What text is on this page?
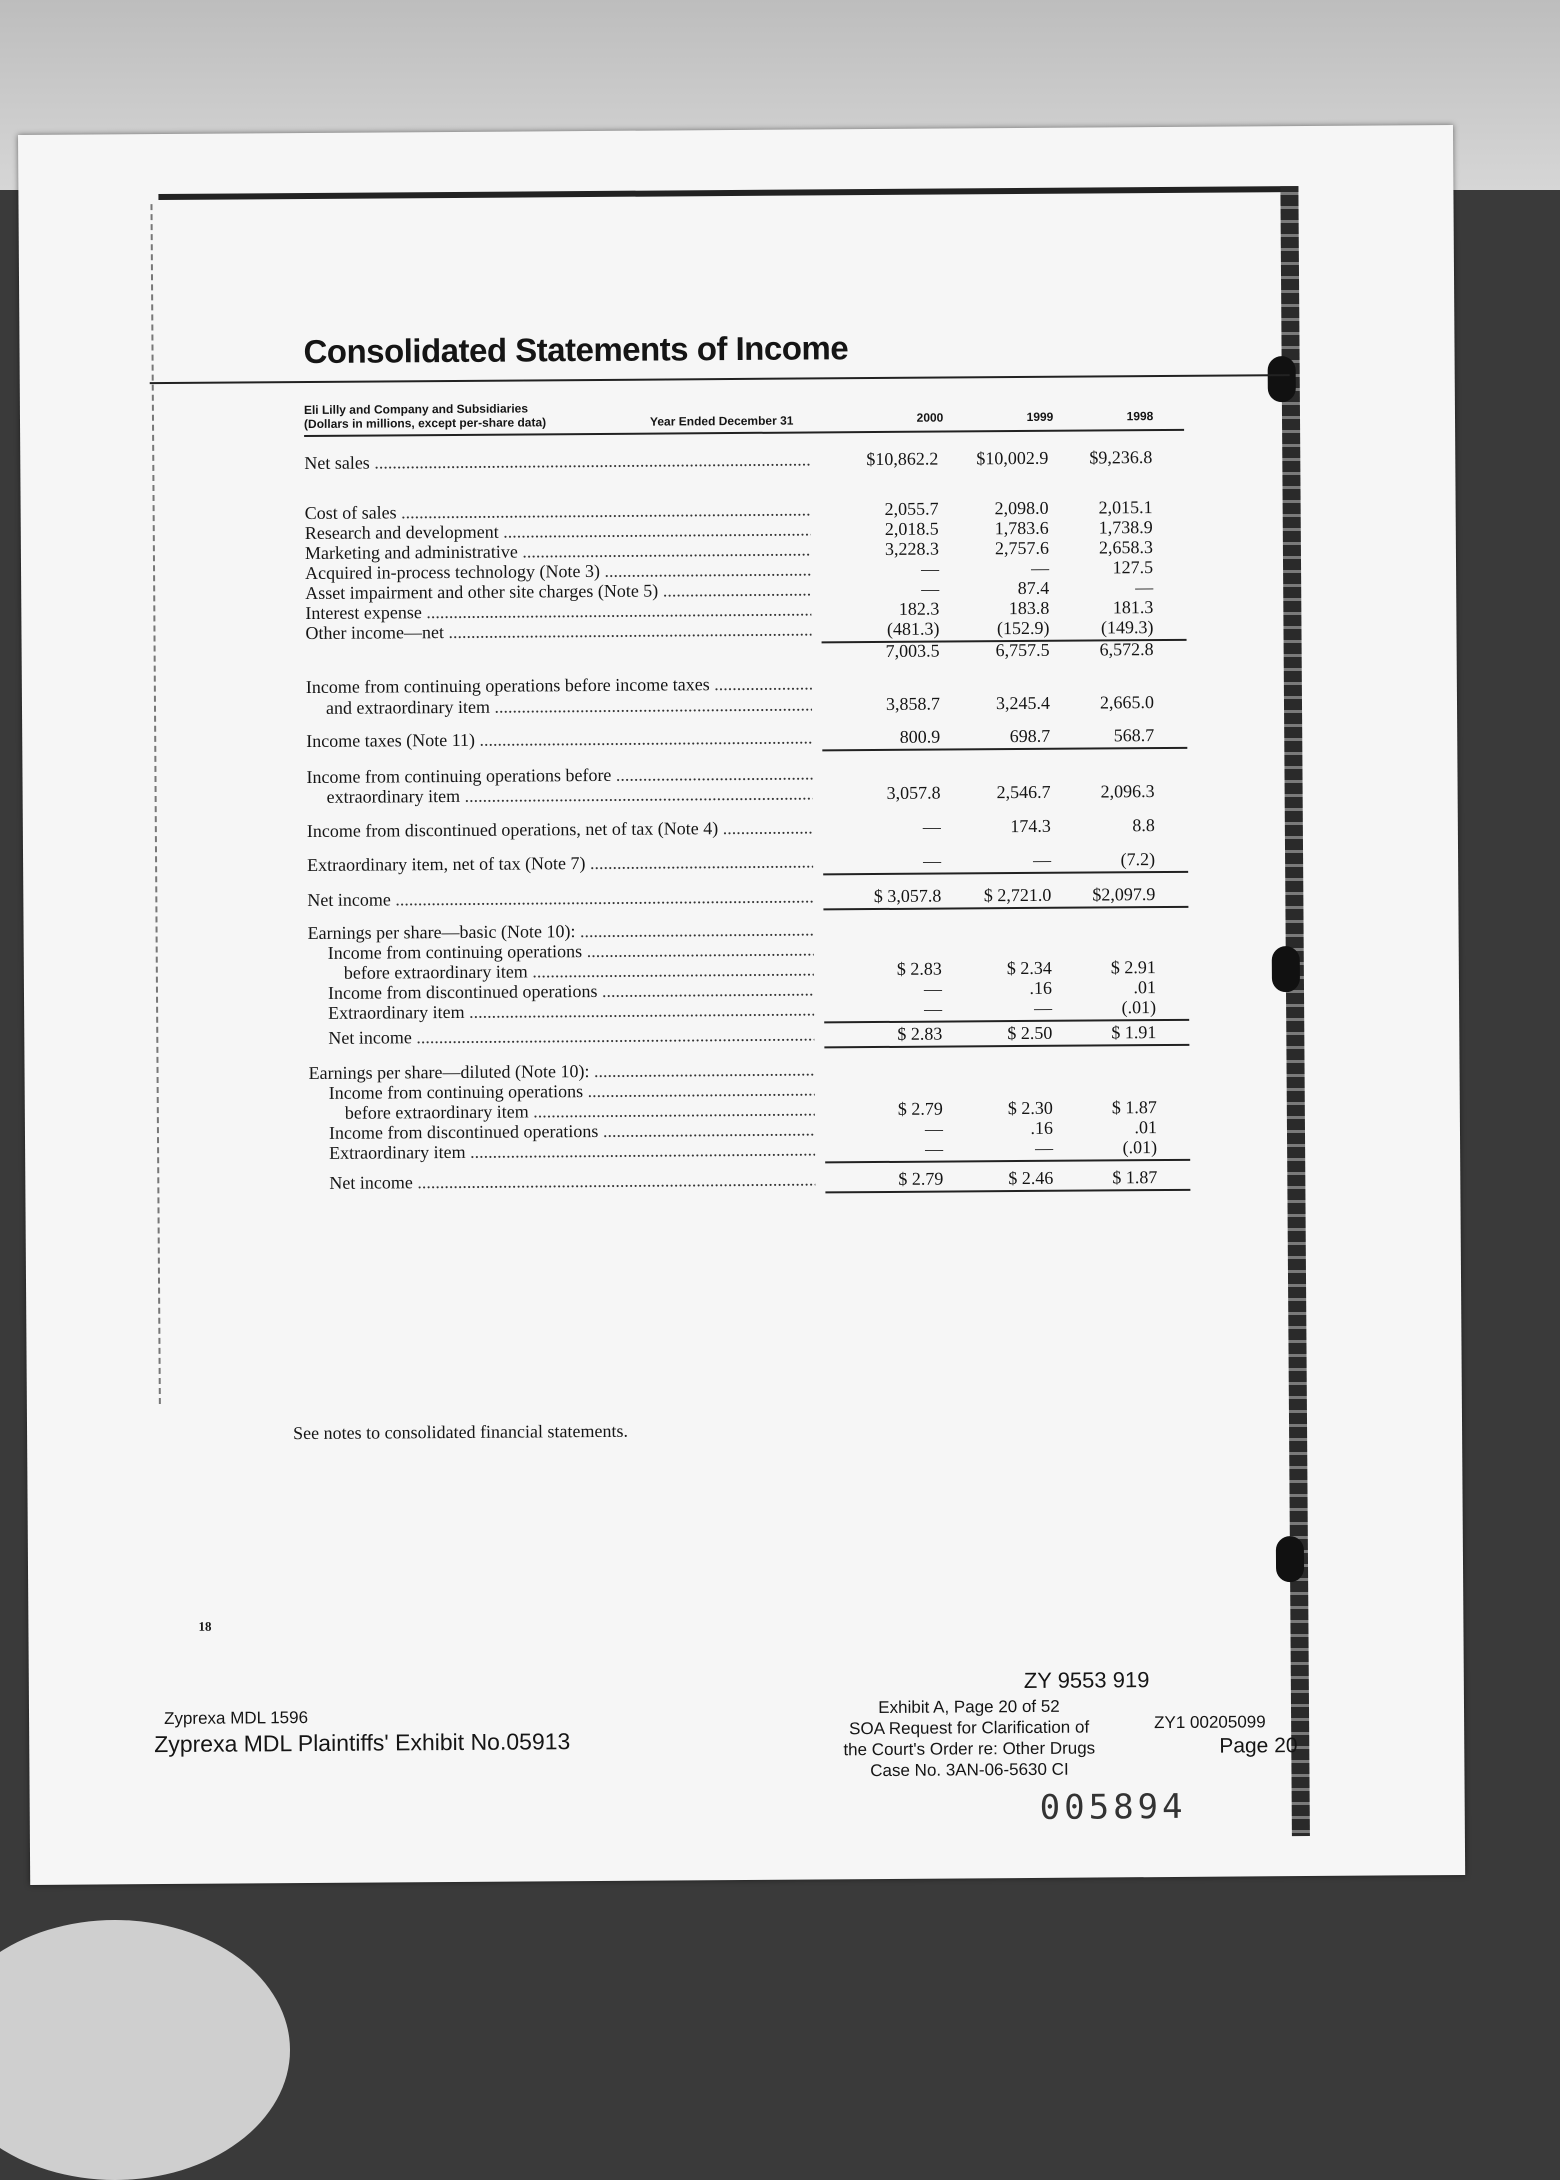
Consolidated Statements of Income
Eli Lilly and Company and Subsidiaries
(Dollars in millions, except per-share data)	Year Ended December 31	2000	1999	1998
Net sales .....	$10,862.2	$10,002.9	$9,236.8
Cost of sales .....	2,055.7	2,098.0	2,015.1
Research and development .....	2,018.5	1,783.6	1,738.9
Marketing and administrative .....	3,228.3	2,757.6	2,658.3
Acquired in-process technology (Note 3) .....	—	—	127.5
Asset impairment and other site charges (Note 5) .....	—	87.4	—
Interest expense .....	182.3	183.8	181.3
Other income—net .....	(481.3)	(152.9)	(149.3)
7,003.5	6,757.5	6,572.8
Income from continuing operations before income taxes .....
and extraordinary item .....	3,858.7	3,245.4	2,665.0
Income taxes (Note 11) .....	800.9	698.7	568.7
Income from continuing operations before .....
extraordinary item .....	3,057.8	2,546.7	2,096.3
Income from discontinued operations, net of tax (Note 4) .....	—	174.3	8.8
Extraordinary item, net of tax (Note 7) .....	—	—	(7.2)
Net income .....	$ 3,057.8	$ 2,721.0	$2,097.9
Earnings per share—basic (Note 10): .....
Income from continuing operations .....
before extraordinary item .....	$ 2.83	$ 2.34	$ 2.91
Income from discontinued operations .....	—	.16	.01
Extraordinary item .....	—	—	(.01)
Net income .....	$ 2.83	$ 2.50	$ 1.91
Earnings per share—diluted (Note 10): .....
Income from continuing operations .....
before extraordinary item .....	$ 2.79	$ 2.30	$ 1.87
Income from discontinued operations .....	—	.16	.01
Extraordinary item .....	—	—	(.01)
Net income .....	$ 2.79	$ 2.46	$ 1.87
See notes to consolidated financial statements.
18
ZY 9553 919
Zyprexa MDL 1596
Zyprexa MDL Plaintiffs' Exhibit No.05913
Exhibit A, Page 20 of 52
SOA Request for Clarification of
the Court's Order re: Other Drugs
Case No. 3AN-06-5630 CI
ZY1 00205099
Page 20
005894
